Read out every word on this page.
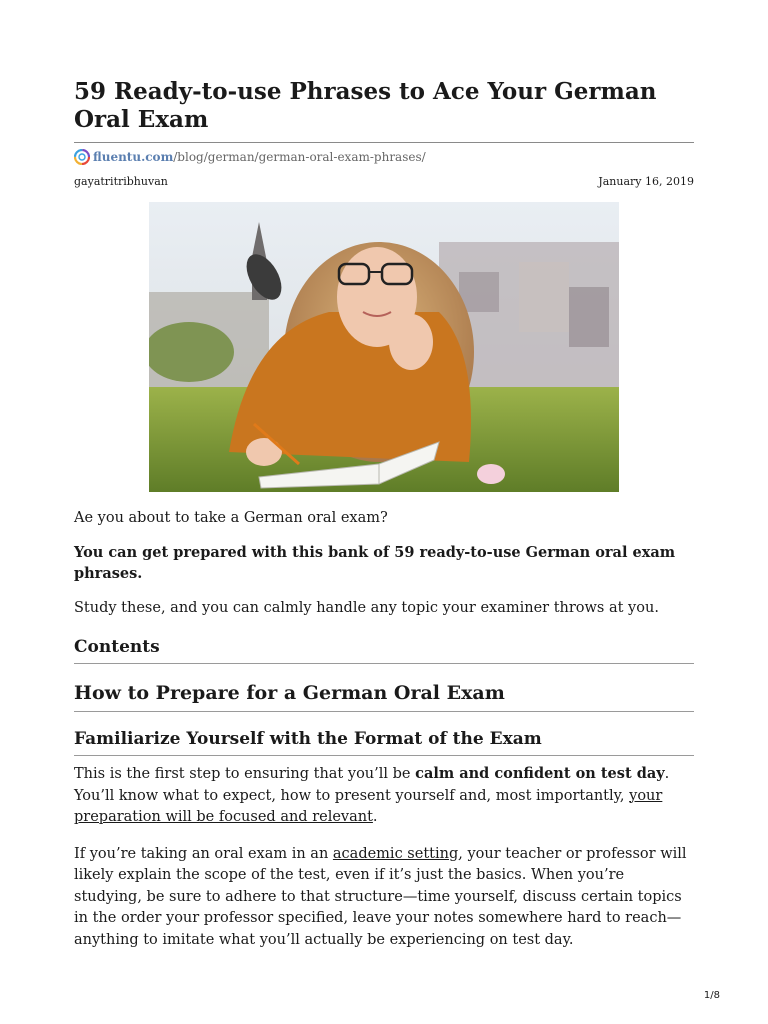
59 Ready-to-use Phrases to Ace Your German Oral Exam
fluentu.com /blog/german/german-oral-exam-phrases/
gayatritribhuvan	January 16, 2019

Ae you about to take a German oral exam?

You can get prepared with this bank of 59 ready-to-use German oral exam phrases.

Study these, and you can calmly handle any topic your examiner throws at you.

Contents
How to Prepare for a German Oral Exam
Familiarize Yourself with the Format of the Exam

This is the first step to ensuring that you’ll be calm and confident on test day. You’ll know what to expect, how to present yourself and, most importantly, your preparation will be focused and relevant.

If you’re taking an oral exam in an academic setting, your teacher or professor will likely explain the scope of the test, even if it’s just the basics. When you’re studying, be sure to adhere to that structure—time yourself, discuss certain topics in the order your professor specified, leave your notes somewhere hard to reach—anything to imitate what you’ll actually be experiencing on test day.

1/8
